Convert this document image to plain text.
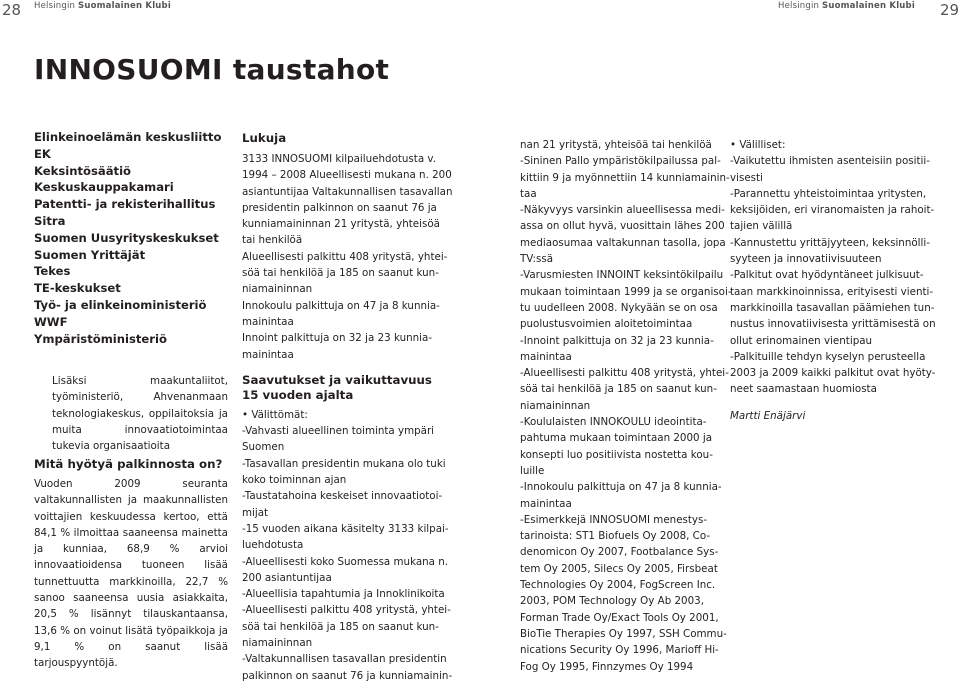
28 Helsingin Suomalainen Klubi	Helsingin Suomalainen Klubi 29
INNOSUOMI taustahot
Elinkeinoelämän keskusliitto EK
Keksintösäätiö
Keskuskauppakamari
Patentti- ja rekisterihallitus
Sitra
Suomen Uusyrityskeskukset
Suomen Yrittäjät
Tekes
TE-keskukset
Työ- ja elinkeinoministeriö
WWF
Ympäristöministeriö

Lisäksi maakuntaliitot, työministeriö, Ahvenanmaan teknologiakeskus, oppilaitoksia ja muita innovaatiotoimintaa tukevia organisaatioita

Mitä hyötyä palkinnosta on?

Vuoden 2009 seuranta valtakunnallisten ja maakunnallisten voittajien keskuudessa kertoo, että 84,1 % ilmoittaa saaneensa mainetta ja kunniaa, 68,9 % arvioi innovaatioidensa tuoneen lisää tunnettuutta markkinoilla, 22,7 % sanoo saaneensa uusia asiakkaita, 20,5 % lisännyt tilauskantaansa, 13,6 % on voinut lisätä työpaikkoja ja 9,1 % on saanut lisää tarjouspyyntöjä.

Lukuja
3133 INNOSUOMI kilpailuehdotusta v.
1994 – 2008 Alueellisesti mukana n. 200
asiantuntijaa Valtakunnallisen tasavallan
presidentin palkinnon on saanut 76 ja
kunniamaininnan 21 yritystä, yhteisöä
tai henkilöä
Alueellisesti palkittu 408 yritystä, yhtei-
söä tai henkilöä ja 185 on saanut kun-
niamaininnan
Innokoulu palkittuja on 47 ja 8 kunnia-
mainintaa
Innoint palkittuja on 32 ja 23 kunnia-
mainintaa
Saavutukset ja vaikuttavuus
15 vuoden ajalta
• Välittömät:
-Vahvasti alueellinen toiminta ympäri
Suomen
-Tasavallan presidentin mukana olo tuki
koko toiminnan ajan
-Taustatahoina keskeiset innovaatiotoi-
mijat
-15 vuoden aikana käsitelty 3133 kilpai-
luehdotusta
-Alueellisesti koko Suomessa mukana n.
200 asiantuntijaa
-Alueellisia tapahtumia ja Innoklinikoita
-Alueellisesti palkittu 408 yritystä, yhtei-
söä tai henkilöä ja 185 on saanut kun-
niamaininnan
-Valtakunnallisen tasavallan presidentin
palkinnon on saanut 76 ja kunniamainin-
nan 21 yritystä, yhteisöä tai henkilöä
-Sininen Pallo ympäristökilpailussa pal-
kittiin 9 ja myönnettiin 14 kunniamainin-
taa
-Näkyvyys varsinkin alueellisessa medi-
assa on ollut hyvä, vuosittain lähes 200
mediaosumaa valtakunnan tasolla, jopa
TV:ssä
-Varusmiesten INNOINT keksintökilpailu
mukaan toimintaan 1999 ja se organisoi-
tu uudelleen 2008. Nykyään se on osa
puolustusvoimien aloitetoimintaa
-Innoint palkittuja on 32 ja 23 kunnia-
mainintaa
-Alueellisesti palkittu 408 yritystä, yhtei-
söä tai henkilöä ja 185 on saanut kun-
niamaininnan
-Koululaisten INNOKOULU ideointita-
pahtuma mukaan toimintaan 2000 ja
konsepti luo positiivista nostetta kou-
luille
-Innokoulu palkittuja on 47 ja 8 kunnia-
mainintaa
-Esimerkkejä INNOSUOMI menestys-
tarinoista: ST1 Biofuels Oy 2008, Co-
denomicon Oy 2007, Footbalance Sys-
tem Oy 2005, Silecs Oy 2005, Firsbeat
Technologies Oy 2004, FogScreen Inc.
2003, POM Technology Oy Ab 2003,
Forman Trade Oy/Exact Tools Oy 2001,
BioTie Therapies Oy 1997, SSH Commu-
nications Security Oy 1996, Marioff Hi-
Fog Oy 1995, Finnzymes Oy 1994
• Välilliset:
-Vaikutettu ihmisten asenteisiin positii-
visesti
-Parannettu yhteistoimintaa yritysten,
keksijöiden, eri viranomaisten ja rahoit-
tajien välillä
-Kannustettu yrittäjyyteen, keksinnölli-
syyteen ja innovatiivisuuteen
-Palkitut ovat hyödyntäneet julkisuut-
taan markkinoinnissa, erityisesti vienti-
markkinoilla tasavallan päämiehen tun-
nustus innovatiivisesta yrittämisestä on
ollut erinomainen vientipau
-Palkituille tehdyn kyselyn perusteella
2003 ja 2009 kaikki palkitut ovat hyöty-
neet saamastaan huomiosta

Martti Enäjärvi
